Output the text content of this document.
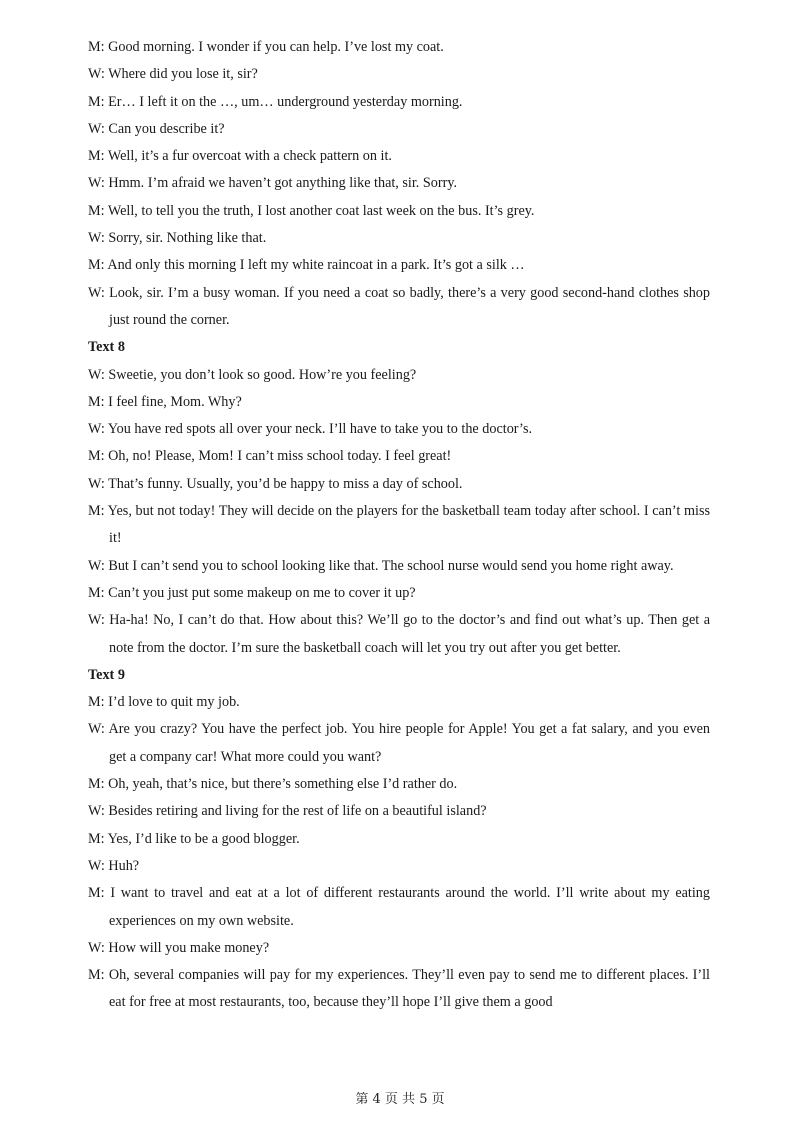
M: Good morning. I wonder if you can help. I’ve lost my coat.
W: Where did you lose it, sir?
M: Er… I left it on the …, um… underground yesterday morning.
W: Can you describe it?
M: Well, it’s a fur overcoat with a check pattern on it.
W: Hmm. I’m afraid we haven’t got anything like that, sir. Sorry.
M: Well, to tell you the truth, I lost another coat last week on the bus. It’s grey.
W: Sorry, sir. Nothing like that.
M: And only this morning I left my white raincoat in a park. It’s got a silk …
W: Look, sir. I’m a busy woman. If you need a coat so badly, there’s a very good second-hand clothes shop just round the corner.
Text 8
W: Sweetie, you don’t look so good. How’re you feeling?
M: I feel fine, Mom. Why?
W: You have red spots all over your neck. I’ll have to take you to the doctor’s.
M: Oh, no! Please, Mom! I can’t miss school today. I feel great!
W: That’s funny. Usually, you’d be happy to miss a day of school.
M: Yes, but not today! They will decide on the players for the basketball team today after school. I can’t miss it!
W: But I can’t send you to school looking like that. The school nurse would send you home right away.
M: Can’t you just put some makeup on me to cover it up?
W: Ha-ha! No, I can’t do that. How about this? We’ll go to the doctor’s and find out what’s up. Then get a note from the doctor. I’m sure the basketball coach will let you try out after you get better.
Text 9
M: I’d love to quit my job.
W: Are you crazy? You have the perfect job. You hire people for Apple! You get a fat salary, and you even get a company car! What more could you want?
M: Oh, yeah, that’s nice, but there’s something else I’d rather do.
W: Besides retiring and living for the rest of life on a beautiful island?
M: Yes, I’d like to be a good blogger.
W: Huh?
M: I want to travel and eat at a lot of different restaurants around the world. I’ll write about my eating experiences on my own website.
W: How will you make money?
M: Oh, several companies will pay for my experiences. They’ll even pay to send me to different places. I’ll eat for free at most restaurants, too, because they’ll hope I’ll give them a good
第 4 页 共 5 页
